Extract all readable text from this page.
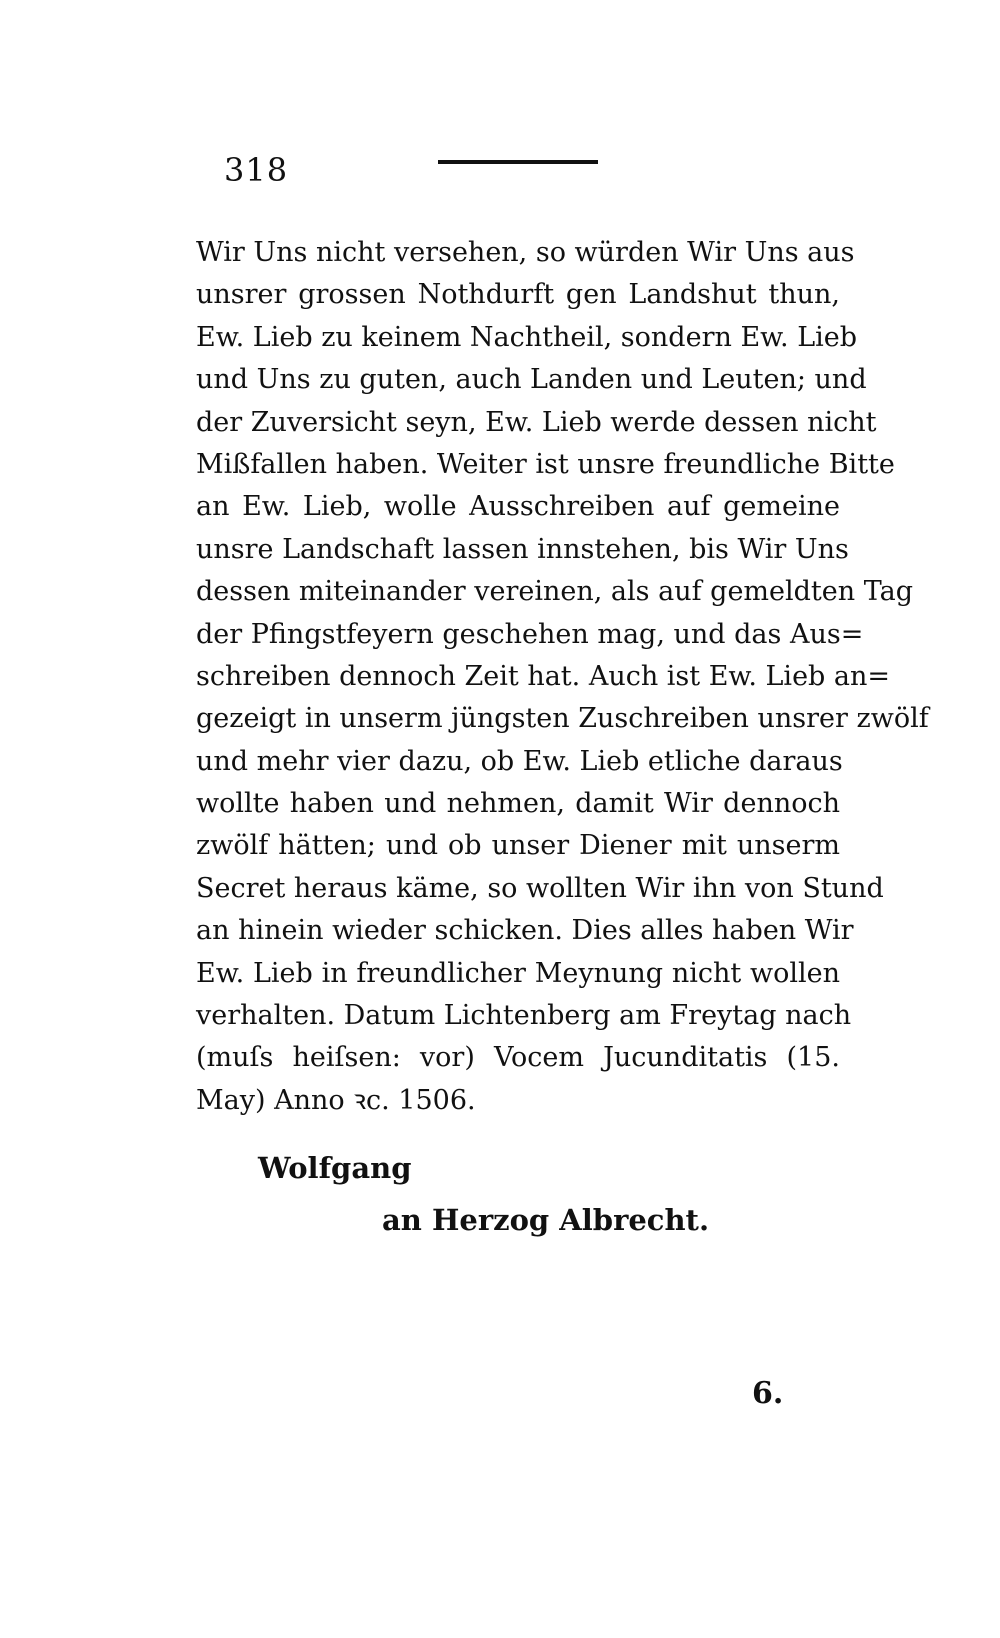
318
Wir Uns nicht versehen, so würden Wir Uns aus
unsrer grossen Nothdurft gen Landshut thun,
Ew. Lieb zu keinem Nachtheil, sondern Ew. Lieb
und Uns zu guten, auch Landen und Leuten; und
der Zuversicht seyn, Ew. Lieb werde dessen nicht
Mißfallen haben. Weiter ist unsre freundliche Bitte
an Ew. Lieb, wolle Ausschreiben auf gemeine
unsre Landschaft lassen innstehen, bis Wir Uns
dessen miteinander vereinen, als auf gemeldten Tag
der Pfingstfeyern geschehen mag, und das Aus=
schreiben dennoch Zeit hat. Auch ist Ew. Lieb an=
gezeigt in unserm jüngsten Zuschreiben unsrer zwölf
und mehr vier dazu, ob Ew. Lieb etliche daraus
wollte haben und nehmen, damit Wir dennoch
zwölf hätten; und ob unser Diener mit unserm
Secret heraus käme, so wollten Wir ihn von Stund
an hinein wieder schicken. Dies alles haben Wir
Ew. Lieb in freundlicher Meynung nicht wollen
verhalten. Datum Lichtenberg am Freytag nach
(muſs heiſsen: vor) Vocem Jucunditatis (15.
May) Anno ꝛc. 1506.
Wolfgang
an Herzog Albrecht.
6.
